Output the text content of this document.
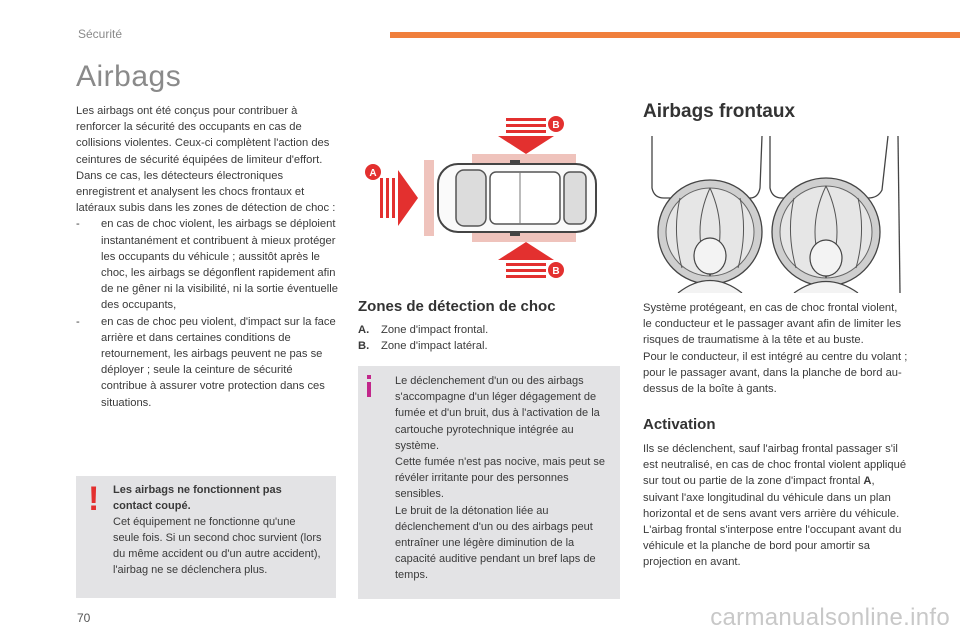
Sécurité
Airbags

Les airbags ont été conçus pour contribuer à renforcer la sécurité des occupants en cas de collisions violentes. Ceux-ci complètent l'action des ceintures de sécurité équipées de limiteur d'effort.

Dans ce cas, les détecteurs électroniques enregistrent et analysent les chocs frontaux et latéraux subis dans les zones de détection de choc :

- en cas de choc violent, les airbags se déploient instantanément et contribuent à mieux protéger les occupants du véhicule ; aussitôt après le choc, les airbags se dégonflent rapidement afin de ne gêner ni la visibilité, ni la sortie éventuelle des occupants,
- en cas de choc peu violent, d'impact sur la face arrière et dans certaines conditions de retournement, les airbags peuvent ne pas se déployer ; seule la ceinture de sécurité contribue à assurer votre protection dans ces situations.
! Les airbags ne fonctionnent pas
contact coupé.
Cet équipement ne fonctionne qu'une seule fois. Si un second choc survient (lors du même accident ou d'un autre accident), l'airbag ne se déclenchera plus.
B
A
B
Zones de détection de choc
A.	Zone d'impact frontal.
B.	Zone d'impact latéral.
Le déclenchement d'un ou des airbags s'accompagne d'un léger dégagement de fumée et d'un bruit, dus à l'activation de la cartouche pyrotechnique intégrée au système.
Cette fumée n'est pas nocive, mais peut se révéler irritante pour des personnes sensibles.
Le bruit de la détonation liée au déclenchement d'un ou des airbags peut entraîner une légère diminution de la capacité auditive pendant un bref laps de temps.
Airbags frontaux
Système protégeant, en cas de choc frontal violent, le conducteur et le passager avant afin de limiter les risques de traumatisme à la tête et au buste.
Pour le conducteur, il est intégré au centre du volant ; pour le passager avant, dans la planche de bord au-dessus de la boîte à gants.
Activation
Ils se déclenchent, sauf l'airbag frontal passager s'il est neutralisé, en cas de choc frontal violent appliqué sur tout ou partie de la zone d'impact frontal A, suivant l'axe longitudinal du véhicule dans un plan horizontal et de sens avant vers arrière du véhicule.
L'airbag frontal s'interpose entre l'occupant avant du véhicule et la planche de bord pour amortir sa projection en avant.
70	carmanualsonline.info
